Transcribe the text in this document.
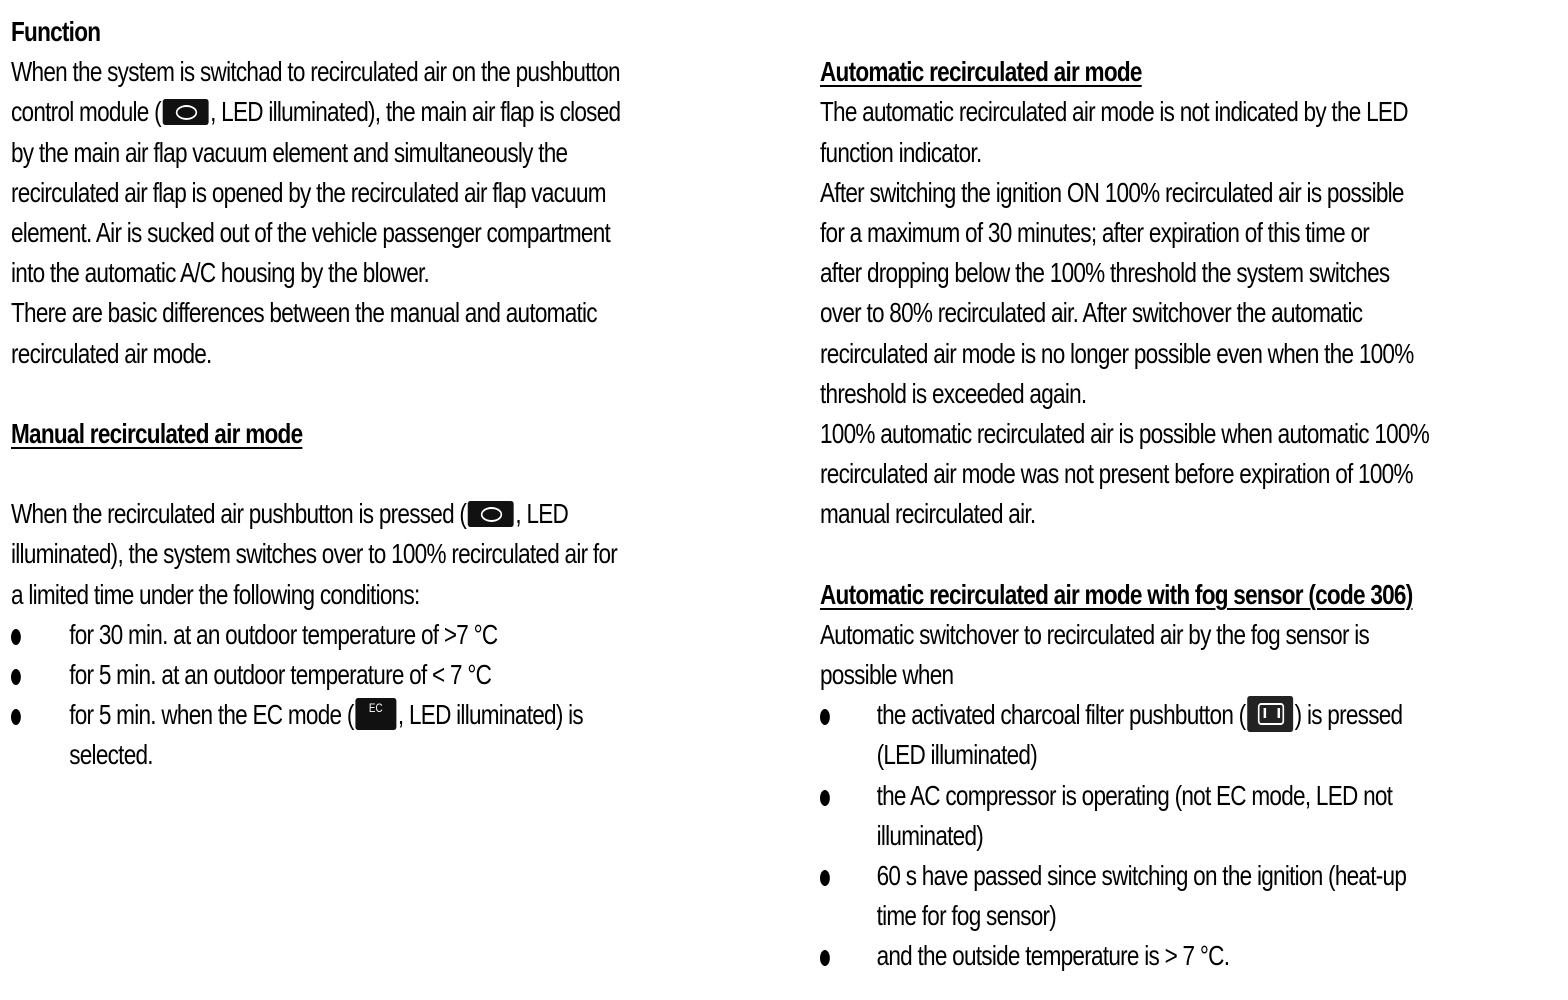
Function
When the system is switchad to recirculated air on the pushbutton
control module ( , LED illuminated), the main air flap is closed
by the main air flap vacuum element and simultaneously the
recirculated air flap is opened by the recirculated air flap vacuum
element. Air is sucked out of the vehicle passenger compartment
into the automatic A/C housing by the blower.
There are basic differences between the manual and automatic
recirculated air mode.
Manual recirculated air mode
When the recirculated air pushbutton is pressed ( , LED
illuminated), the system switches over to 100% recirculated air for
a limited time under the following conditions:
for 30 min. at an outdoor temperature of >7 °C
for 5 min. at an outdoor temperature of < 7 °C
for 5 min. when the EC mode (	EC , LED illuminated) is
selected.
Automatic recirculated air mode
The automatic recirculated air mode is not indicated by the LED
function indicator.
After switching the ignition ON 100% recirculated air is possible
for a maximum of 30 minutes; after expiration of this time or
after dropping below the 100% threshold the system switches
over to 80% recirculated air. After switchover the automatic
recirculated air mode is no longer possible even when the 100%
threshold is exceeded again.
100% automatic recirculated air is possible when automatic 100%
recirculated air mode was not present before expiration of 100%
manual recirculated air.
Automatic recirculated air mode with fog sensor (code 306)
Automatic switchover to recirculated air by the fog sensor is
possible when
the activated charcoal filter pushbutton ( ) is pressed
(LED illuminated)
the AC compressor is operating (not EC mode, LED not
illuminated)
60 s have passed since switching on the ignition (heat-up
time for fog sensor)
and the outside temperature is > 7 °C.
